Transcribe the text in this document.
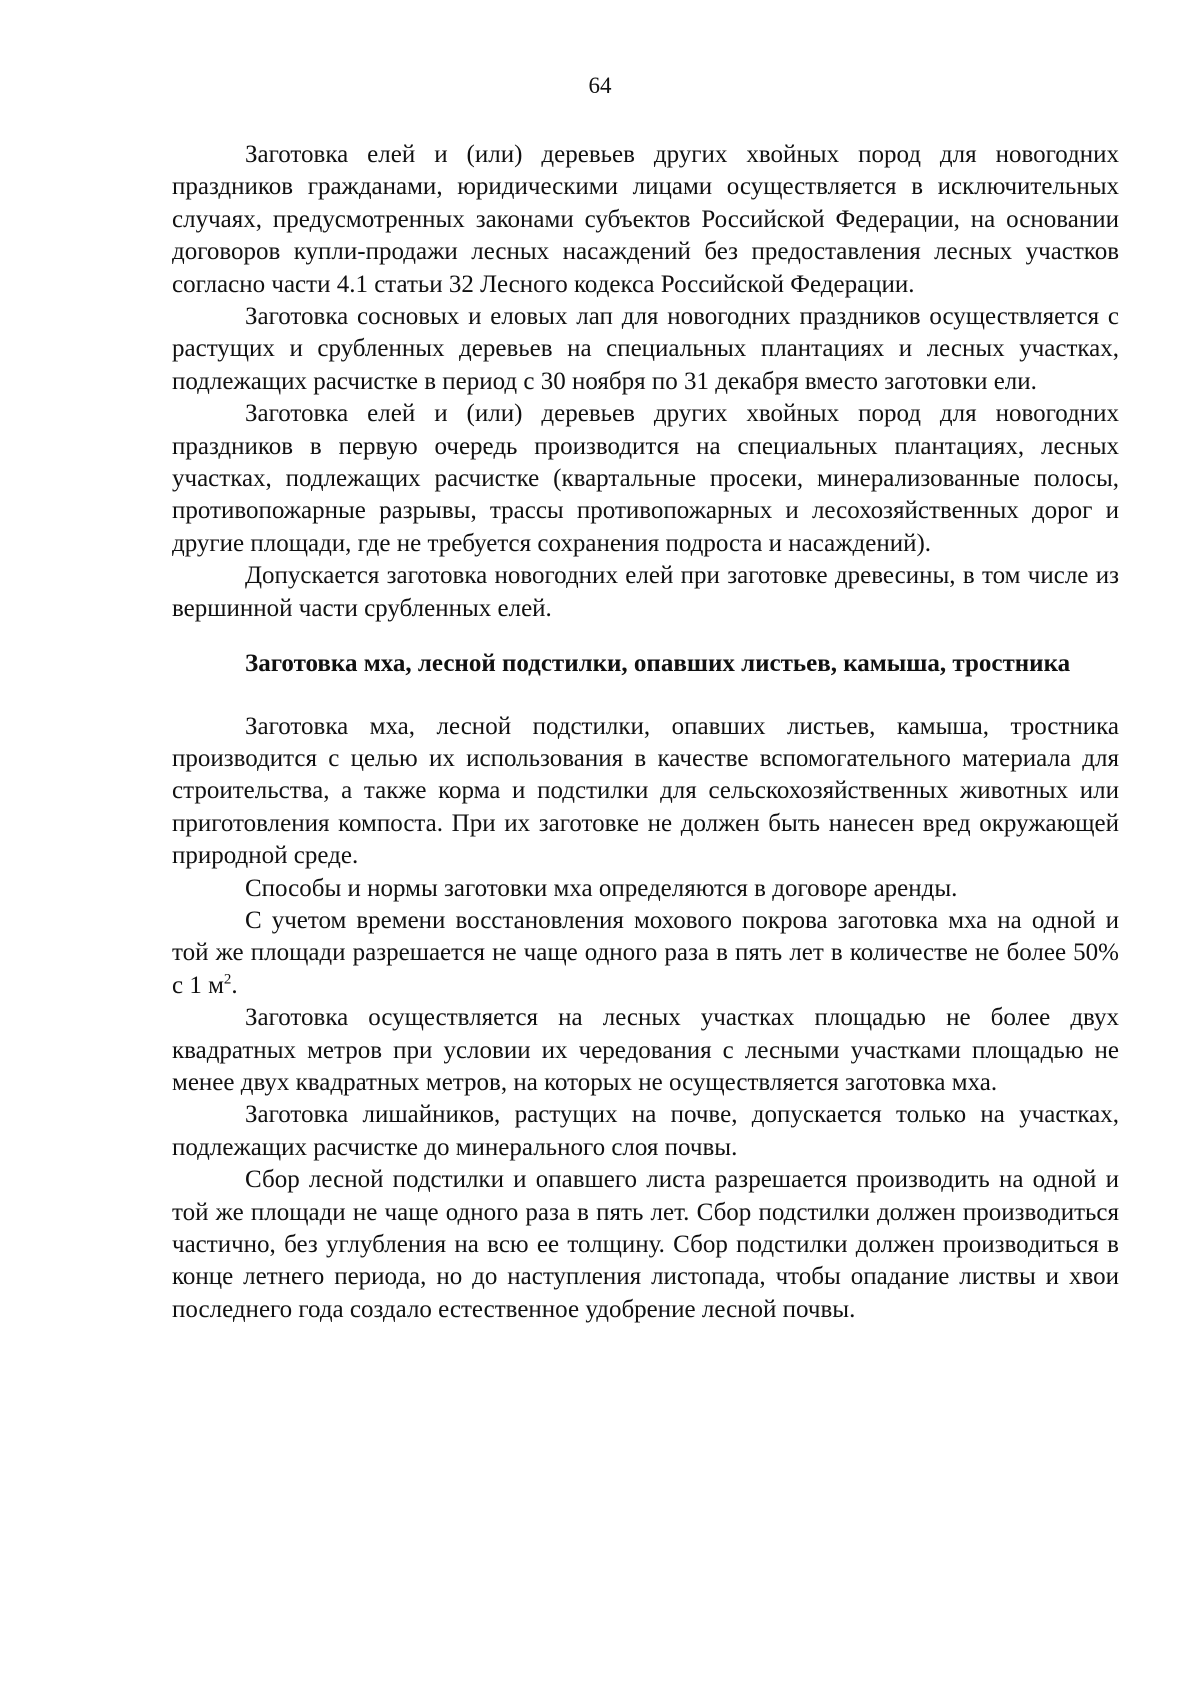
64

Заготовка елей и (или) деревьев других хвойных пород для новогодних праздников гражданами, юридическими лицами осуществляется в исключительных случаях, предусмотренных законами субъектов Российской Федерации, на основании договоров купли-продажи лесных насаждений без предоставления лесных участков согласно части 4.1 статьи 32 Лесного кодекса Российской Федерации.

Заготовка сосновых и еловых лап для новогодних праздников осуществляется с растущих и срубленных деревьев на специальных плантациях и лесных участках, подлежащих расчистке в период с 30 ноября по 31 декабря вместо заготовки ели.

Заготовка елей и (или) деревьев других хвойных пород для новогодних праздников в первую очередь производится на специальных плантациях, лесных участках, подлежащих расчистке (квартальные просеки, минерализованные полосы, противопожарные разрывы, трассы противопожарных и лесохозяйственных дорог и другие площади, где не требуется сохранения подроста и насаждений).

Допускается заготовка новогодних елей при заготовке древесины, в том числе из вершинной части срубленных елей.

Заготовка мха, лесной подстилки, опавших листьев, камыша, тростника

Заготовка мха, лесной подстилки, опавших листьев, камыша, тростника производится с целью их использования в качестве вспомогательного материала для строительства, а также корма и подстилки для сельскохозяйственных животных или приготовления компоста. При их заготовке не должен быть нанесен вред окружающей природной среде.

Способы и нормы заготовки мха определяются в договоре аренды.

С учетом времени восстановления мохового покрова заготовка мха на одной и той же площади разрешается не чаще одного раза в пять лет в количестве не более 50% с 1 $м^2$.

Заготовка осуществляется на лесных участках площадью не более двух квадратных метров при условии их чередования с лесными участками площадью не менее двух квадратных метров, на которых не осуществляется заготовка мха.

Заготовка лишайников, растущих на почве, допускается только на участках, подлежащих расчистке до минерального слоя почвы.

Сбор лесной подстилки и опавшего листа разрешается производить на одной и той же площади не чаще одного раза в пять лет. Сбор подстилки должен производиться частично, без углубления на всю ее толщину. Сбор подстилки должен производиться в конце летнего периода, но до наступления листопада, чтобы опадание листвы и хвои последнего года создало естественное удобрение лесной почвы.
